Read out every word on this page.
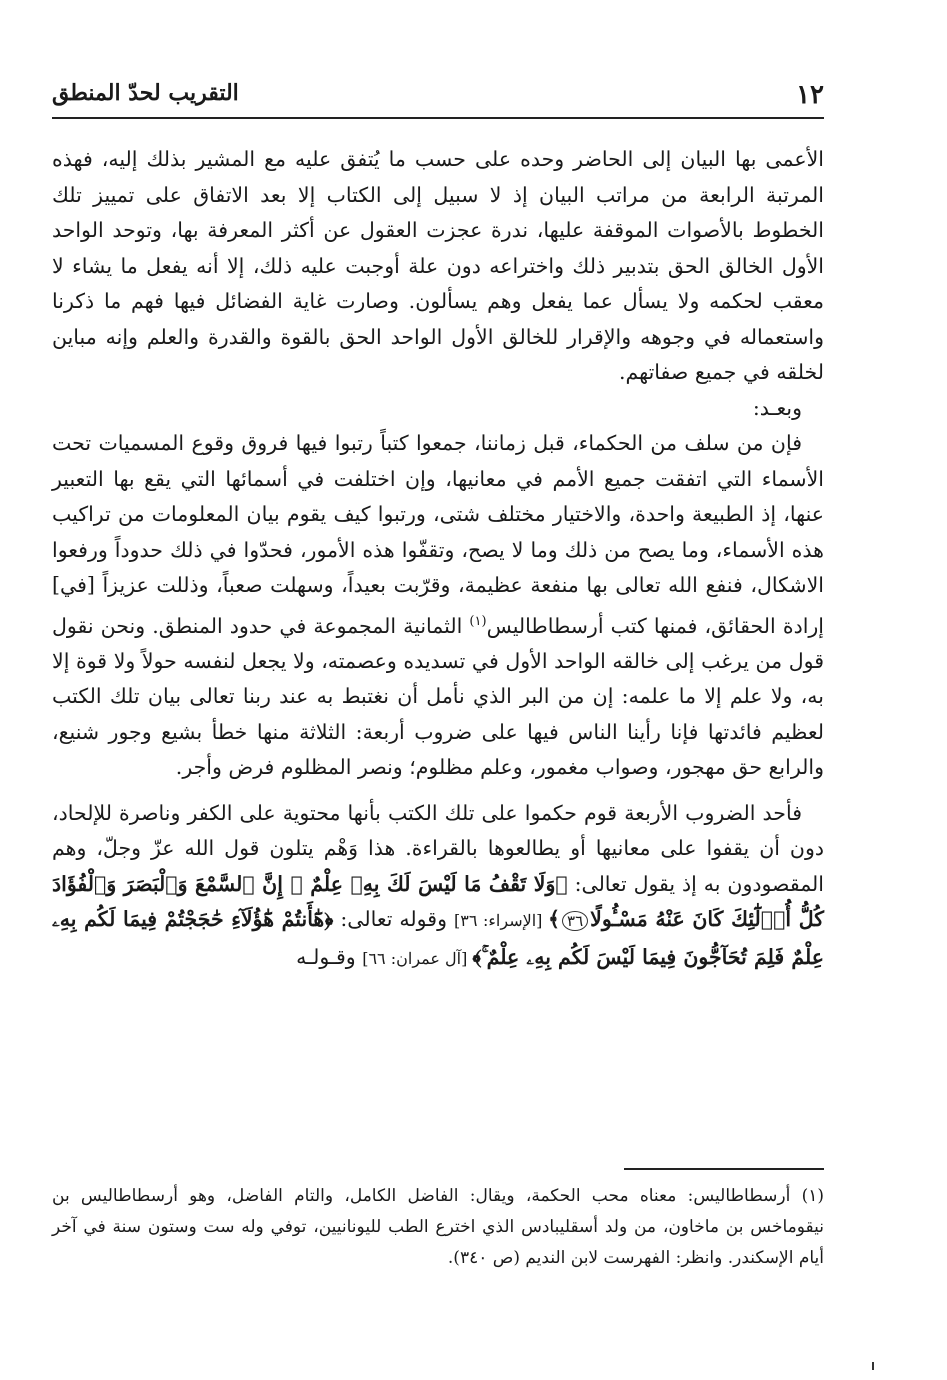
١٢
التقريب لحدّ المنطق

الأعمى بها البيان إلى الحاضر وحده على حسب ما يُتفق عليه مع المشير بذلك إليه، فهذه المرتبة الرابعة من مراتب البيان إذ لا سبيل إلى الكتاب إلا بعد الاتفاق على تمييز تلك الخطوط بالأصوات الموقفة عليها، ندرة عجزت العقول عن أكثر المعرفة بها، وتوحد الواحد الأول الخالق الحق بتدبير ذلك واختراعه دون علة أوجبت عليه ذلك، إلا أنه يفعل ما يشاء لا معقب لحكمه ولا يسأل عما يفعل وهم يسألون. وصارت غاية الفضائل فيها فهم ما ذكرنا واستعماله في وجوهه والإقرار للخالق الأول الواحد الحق بالقوة والقدرة والعلم وإنه مباين لخلقه في جميع صفاتهم.

وبعـد:

فإن من سلف من الحكماء، قبل زماننا، جمعوا كتباً رتبوا فيها فروق وقوع المسميات تحت الأسماء التي اتفقت جميع الأمم في معانيها، وإن اختلفت في أسمائها التي يقع بها التعبير عنها، إذ الطبيعة واحدة، والاختيار مختلف شتى، ورتبوا كيف يقوم بيان المعلومات من تراكيب هذه الأسماء، وما يصح من ذلك وما لا يصح، وتقفّوا هذه الأمور، فحدّوا في ذلك حدوداً ورفعوا الاشكال، فنفع الله تعالى بها منفعة عظيمة، وقرّبت بعيداً، وسهلت صعباً، وذللت عزيزاً [في] إرادة الحقائق، فمنها كتب أرسطاطاليس$^{(١)}$ الثمانية المجموعة في حدود المنطق. ونحن نقول قول من يرغب إلى خالقه الواحد الأول في تسديده وعصمته، ولا يجعل لنفسه حولاً ولا قوة إلا به، ولا علم إلا ما علمه: إن من البر الذي نأمل أن نغتبط به عند ربنا تعالى بيان تلك الكتب لعظيم فائدتها فإنا رأينا الناس فيها على ضروب أربعة: الثلاثة منها خطأ بشيع وجور شنيع، والرابع حق مهجور، وصواب مغمور، وعلم مظلوم؛ ونصر المظلوم فرض وأجر.

فأحد الضروب الأربعة قوم حكموا على تلك الكتب بأنها محتوية على الكفر وناصرة للإلحاد، دون أن يقفوا على معانيها أو يطالعوها بالقراءة. هذا وَهْم يتلون قول الله عزّ وجلّ، وهم المقصودون به إذ يقول تعالى: ﴿وَلَا تَقْفُ مَا لَيْسَ لَكَ بِهِۦ عِلْمٌ ۚ إِنَّ ٱلسَّمْعَ وَٱلْبَصَرَ وَٱلْفُؤَادَ كُلُّ أُو۟لَٰٓئِكَ كَانَ عَنْهُ مَسْـُٔولًا٣٦﴾ [الإسراء: ٣٦] وقوله تعالى: ﴿هَٰٓأَنتُمْ هَٰٓؤُلَآءِ حَٰجَجْتُمْ فِيمَا لَكُم بِهِۦ عِلْمٌ فَلِمَ تُحَآجُّونَ فِيمَا لَيْسَ لَكُم بِهِۦ عِلْمٌ ۚ﴾ [آل عمران: ٦٦] وقـولـه

(١) أرسطاطاليس: معناه محب الحكمة، ويقال: الفاضل الكامل، والتام الفاضل، وهو أرسطاطاليس بن نيقوماخس بن ماخاون، من ولد أسقليبادس الذي اخترع الطب لليونانيين، توفي وله ست وستون سنة في آخر أيام الإسكندر. وانظر: الفهرست لابن النديم (ص ٣٤٠).
